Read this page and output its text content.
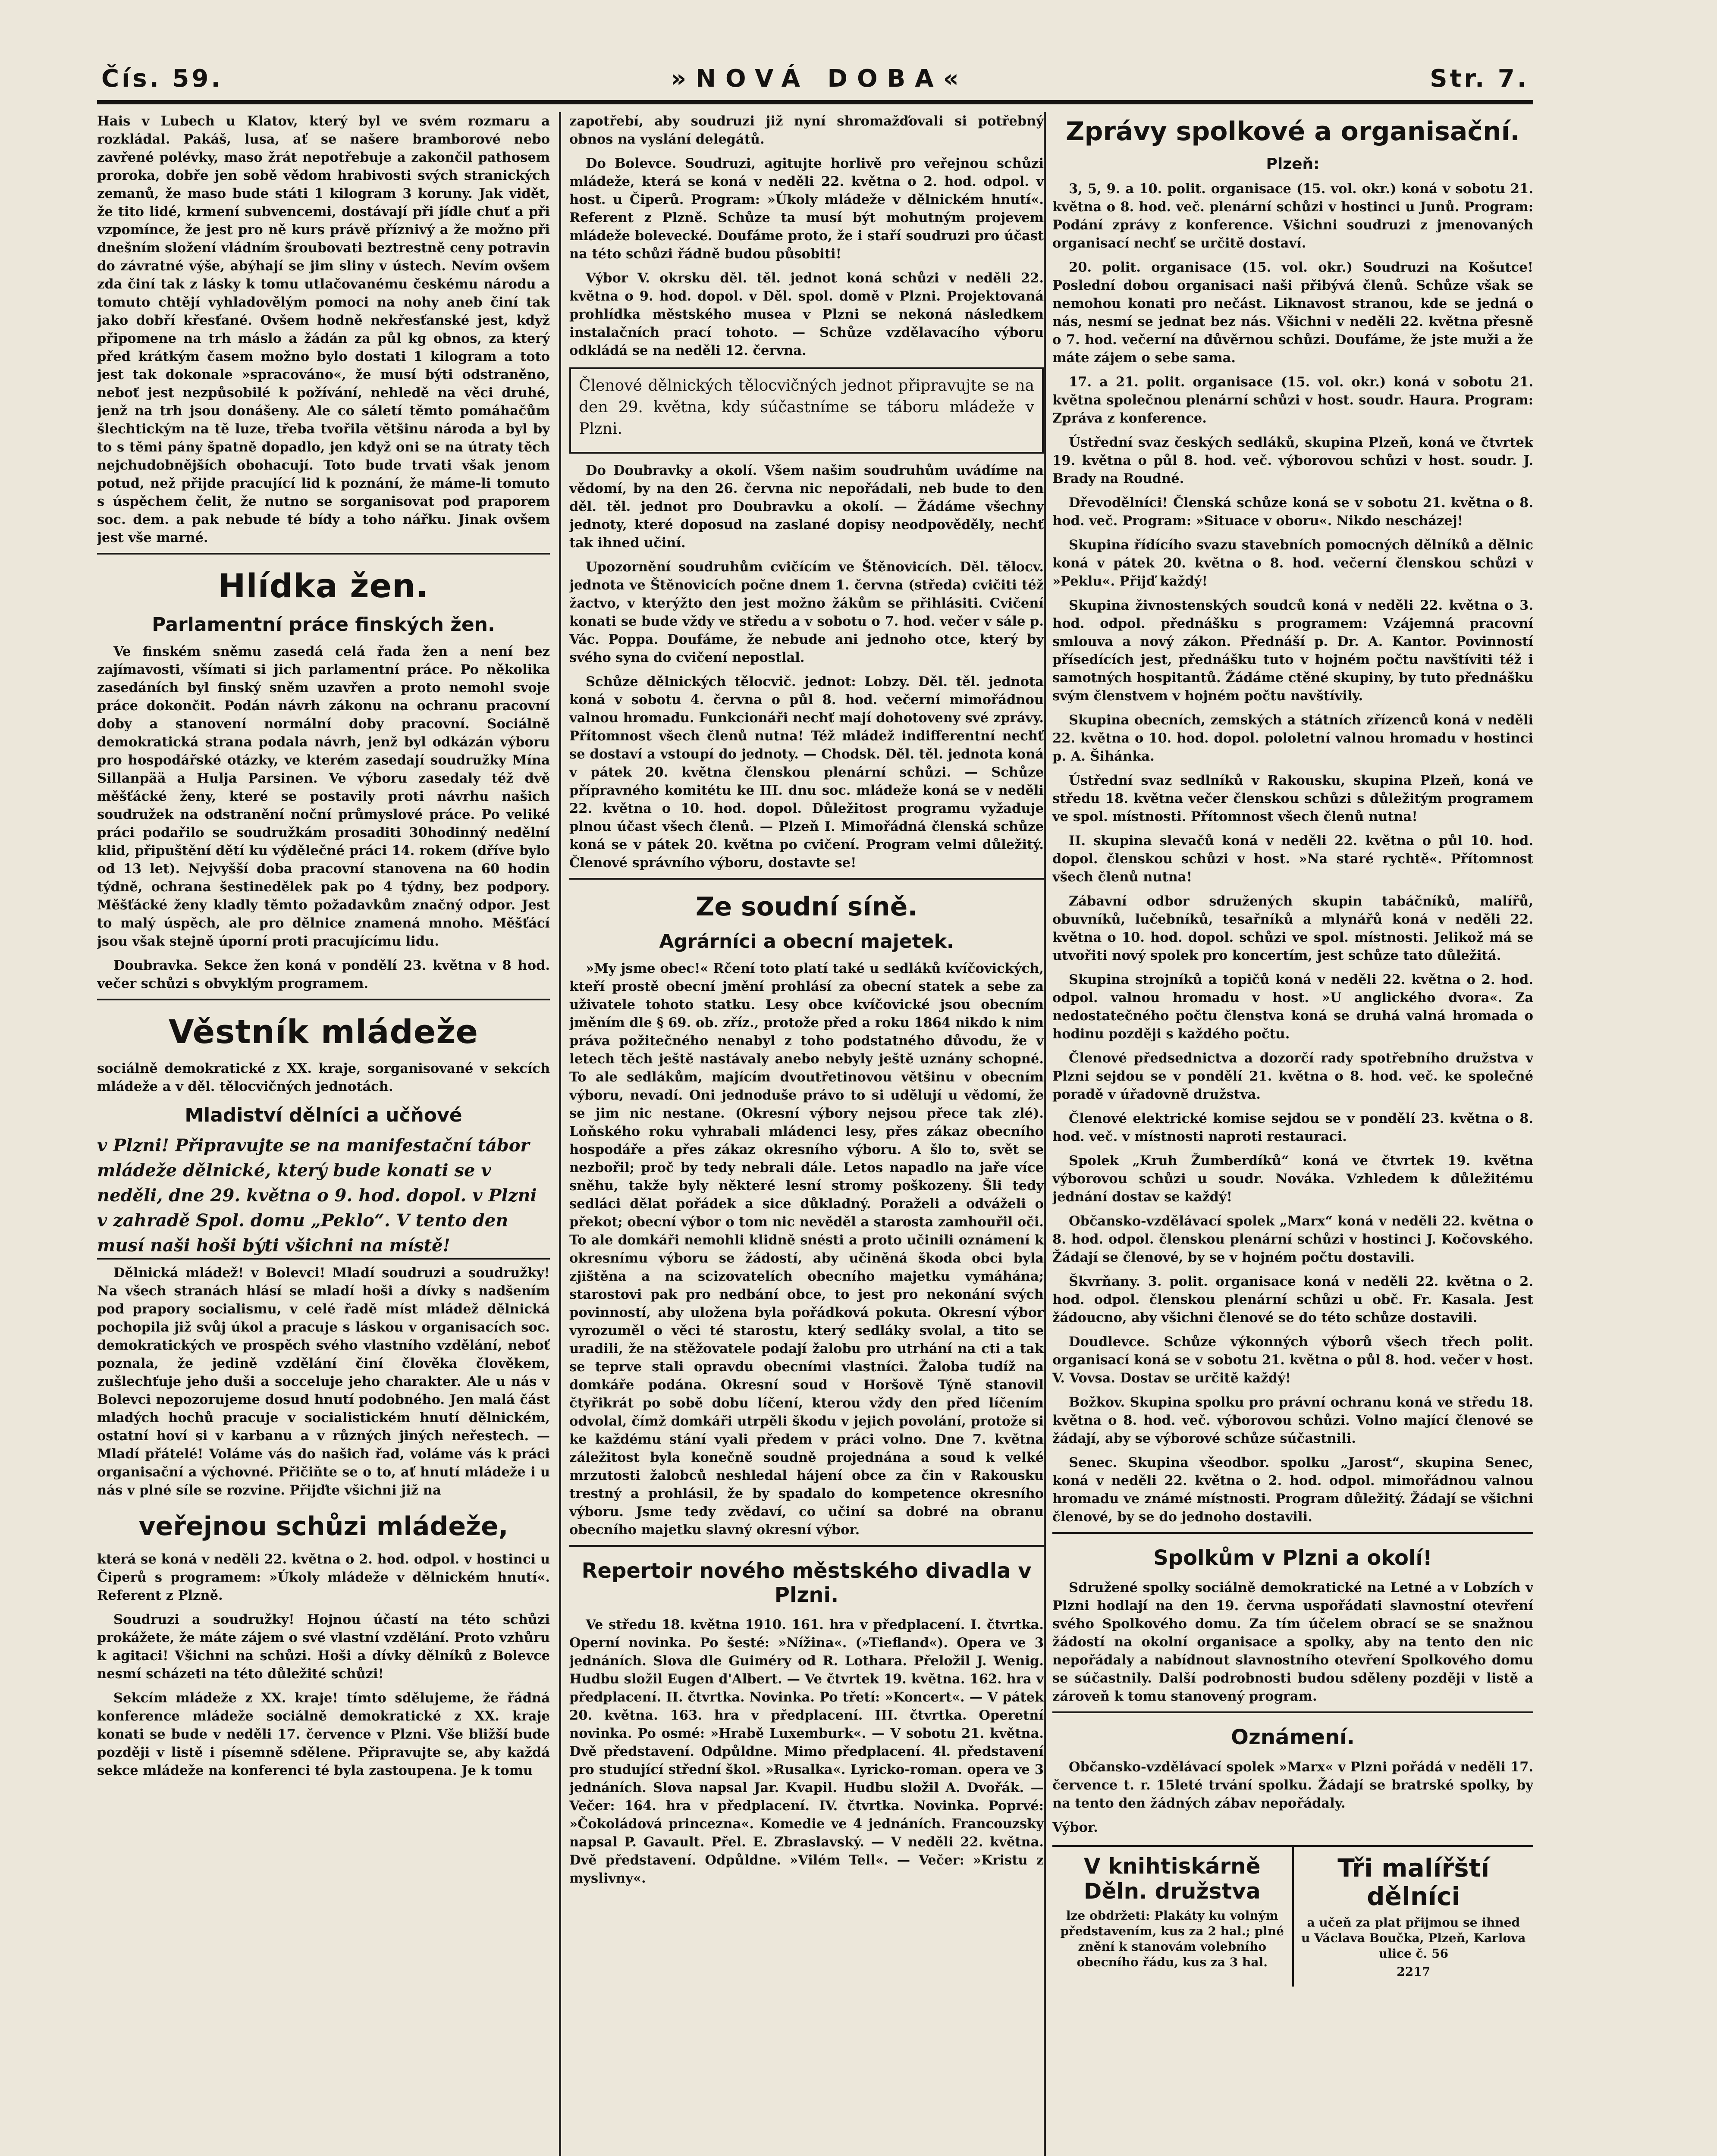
Čís. 59.	»NOVÁ DOBA«	Str. 7.

Hais v Lubech u Klatov, který byl ve svém rozmaru a rozkládal. Pakáš, lusa, ať se našere bramborové nebo zavřené polévky, maso žrát nepotřebuje a zakončil pathosem proroka, dobře jen sobě vědom hrabivosti svých stranických zemanů, že maso bude státi 1 kilogram 3 koruny. Jak vidět, že tito lidé, krmení subvencemi, dostávají při jídle chuť a při vzpomínce, že jest pro ně kurs právě příznivý a že možno při dnešním složení vládním šroubovati beztrestně ceny potravin do závratné výše, abýhají se jim sliny v ústech. Nevím ovšem zda činí tak z lásky k tomu utlačovanému českému národu a tomuto chtějí vyhladovělým pomoci na nohy aneb činí tak jako dobří křesťané. Ovšem hodně nekřesťanské jest, když připomene na trh máslo a žádán za půl kg obnos, za který před krátkým časem možno bylo dostati 1 kilogram a toto jest tak dokonale »spracováno«, že musí býti odstraněno, neboť jest nezpůsobilé k požívání, nehledě na věci druhé, jenž na trh jsou donášeny. Ale co sáletí těmto pomáhačům šlechtickým na tě luze, třeba tvořila většinu národa a byl by to s těmi pány špatně dopadlo, jen když oni se na útraty těch nejchudobnějších obohacují. Toto bude trvati však jenom potud, než přijde pracující lid k poznání, že máme-li tomuto s úspěchem čelit, že nutno se sorganisovat pod praporem soc. dem. a pak nebude té bídy a toho nářku. Jinak ovšem jest vše marné.

Hlídka žen.
Parlamentní práce finských žen.

Ve finském sněmu zasedá celá řada žen a není bez zajímavosti, všímati si jich parlamentní práce. Po několika zasedáních byl finský sněm uzavřen a proto nemohl svoje práce dokončit. Podán návrh zákonu na ochranu pracovní doby a stanovení normální doby pracovní. Sociálně demokratická strana podala návrh, jenž byl odkázán výboru pro hospodářské otázky, ve kterém zasedají soudružky Mína Sillanpää a Hulja Parsinen. Ve výboru zasedaly též dvě měšťácké ženy, které se postavily proti návrhu našich soudružek na odstranění noční průmyslové práce. Po veliké práci podařilo se soudružkám prosaditi 30hodinný nedělní klid, připuštění dětí ku výdělečné práci 14. rokem (dříve bylo od 13 let). Nejvyšší doba pracovní stanovena na 60 hodin týdně, ochrana šestinedělek pak po 4 týdny, bez podpory. Měšťácké ženy kladly těmto požadavkům značný odpor. Jest to malý úspěch, ale pro dělnice znamená mnoho. Měšťácí jsou však stejně úporní proti pracujícímu lidu.

Doubravka. Sekce žen koná v pondělí 23. května v 8 hod. večer schůzi s obvyklým programem.

Věstník mládeže

sociálně demokratické z XX. kraje, sorganisované v sekcích mládeže a v děl. tělocvičných jednotách.

Mladiství dělníci a učňové

v Plzni! Připravujte se na manifestační tábor mládeže dělnické, který bude konati se v neděli, dne 29. května o 9. hod. dopol. v Plzni v zahradě Spol. domu „Peklo“. V tento den musí naši hoši býti všichni na místě!

Dělnická mládež! v Bolevci! Mladí soudruzi a soudružky! Na všech stranách hlásí se mladí hoši a dívky s nadšením pod prapory socialismu, v celé řadě míst mládež dělnická pochopila již svůj úkol a pracuje s láskou v organisacích soc. demokratických ve prospěch svého vlastního vzdělání, neboť poznala, že jedině vzdělání činí člověka člověkem, zušlechťuje jeho duši a socceluje jeho charakter. Ale u nás v Bolevci nepozorujeme dosud hnutí podobného. Jen malá část mladých hochů pracuje v socialistickém hnutí dělnickém, ostatní hoví si v karbanu a v různých jiných neřestech. — Mladí přátelé! Voláme vás do našich řad, voláme vás k práci organisační a výchovné. Přičiňte se o to, ať hnutí mládeže i u nás v plné síle se rozvine. Přijďte všichni již na

veřejnou schůzi mládeže,

která se koná v neděli 22. května o 2. hod. odpol. v hostinci u Čiperů s programem: »Úkoly mládeže v dělnickém hnutí«. Referent z Plzně.

Soudruzi a soudružky! Hojnou účastí na této schůzi prokážete, že máte zájem o své vlastní vzdělání. Proto vzhůru k agitaci! Všichni na schůzi. Hoši a dívky dělníků z Bolevce nesmí scházeti na této důležité schůzi!

Sekcím mládeže z XX. kraje! tímto sdělujeme, že řádná konference mládeže sociálně demokratické z XX. kraje konati se bude v neděli 17. července v Plzni. Vše bližší bude později v listě i písemně sdělene. Připravujte se, aby každá sekce mládeže na konferenci té byla zastoupena. Je k tomu

zapotřebí, aby soudruzi již nyní shromažďovali si potřebný obnos na vyslání delegátů.

Do Bolevce. Soudruzi, agitujte horlivě pro veřejnou schůzi mládeže, která se koná v neděli 22. května o 2. hod. odpol. v host. u Čiperů. Program: »Úkoly mládeže v dělnickém hnutí«. Referent z Plzně. Schůze ta musí být mohutným projevem mládeže bolevecké. Doufáme proto, že i staří soudruzi pro účast na této schůzi řádně budou působiti!

Výbor V. okrsku děl. těl. jednot koná schůzi v neděli 22. května o 9. hod. dopol. v Děl. spol. domě v Plzni. Projektovaná prohlídka městského musea v Plzni se nekoná následkem instalačních prací tohoto. — Schůze vzdělavacího výboru odkládá se na neděli 12. června.

Členové dělnických tělocvičných jednot připravujte se na den 29. května, kdy súčastníme se táboru mládeže v Plzni.

Do Doubravky a okolí. Všem našim soudruhům uvádíme na vědomí, by na den 26. června nic nepořádali, neb bude to den děl. těl. jednot pro Doubravku a okolí. — Žádáme všechny jednoty, které doposud na zaslané dopisy neodpověděly, nechť tak ihned učiní.

Upozornění soudruhům cvičícím ve Štěnovicích. Děl. tělocv. jednota ve Štěnovicích počne dnem 1. června (středa) cvičiti též žactvo, v kterýžto den jest možno žákům se přihlásiti. Cvičení konati se bude vždy ve středu a v sobotu o 7. hod. večer v sále p. Vác. Poppa. Doufáme, že nebude ani jednoho otce, který by svého syna do cvičení nepostlal.

Schůze dělnických tělocvič. jednot: Lobzy. Děl. těl. jednota koná v sobotu 4. června o půl 8. hod. večerní mimořádnou valnou hromadu. Funkcionáři nechť mají dohotoveny své zprávy. Přítomnost všech členů nutna! Též mládež indifferentní nechť se dostaví a vstoupí do jednoty. — Chodsk. Děl. těl. jednota koná v pátek 20. května členskou plenární schůzi. — Schůze přípravného komitétu ke III. dnu soc. mládeže koná se v neděli 22. května o 10. hod. dopol. Důležitost programu vyžaduje plnou účast všech členů. — Plzeň I. Mimořádná členská schůze koná se v pátek 20. května po cvičení. Program velmi důležitý. Členové správního výboru, dostavte se!

Ze soudní síně.
Agrárníci a obecní majetek.

»My jsme obec!« Rčení toto platí také u sedláků kvíčovických, kteří prostě obecní jmění prohlásí za obecní statek a sebe za uživatele tohoto statku. Lesy obce kvíčovické jsou obecním jměním dle § 69. ob. zříz., protože před a roku 1864 nikdo k nim práva požitečného nenabyl z toho podstatného důvodu, že v letech těch ještě nastávaly anebo nebyly ještě uznány schopné. To ale sedlákům, majícím dvoutřetinovou většinu v obecním výboru, nevadí. Oni jednoduše právo to si udělují u vědomí, že se jim nic nestane. (Okresní výbory nejsou přece tak zlé). Loňského roku vyhrabali mládenci lesy, přes zákaz obecního hospodáře a přes zákaz okresního výboru. A šlo to, svět se nezbořil; proč by tedy nebrali dále. Letos napadlo na jaře více sněhu, takže byly některé lesní stromy poškozeny. Šli tedy sedláci dělat pořádek a sice důkladný. Poraželi a odváželi o překot; obecní výbor o tom nic nevěděl a starosta zamhouřil oči. To ale domkáři nemohli klidně snésti a proto učinili oznámení k okresnímu výboru se žádostí, aby učiněná škoda obci byla zjištěna a na scizovatelích obecního majetku vymáhána; starostovi pak pro nedbání obce, to jest pro nekonání svých povinností, aby uložena byla pořádková pokuta. Okresní výbor vyrozuměl o věci té starostu, který sedláky svolal, a tito se uradili, že na stěžovatele podají žalobu pro utrhání na cti a tak se teprve stali opravdu obecními vlastníci. Žaloba tudíž na domkáře podána. Okresní soud v Horšově Týně stanovil čtyřikrát po sobě dobu líčení, kterou vždy den před líčením odvolal, čímž domkáři utrpěli škodu v jejich povolání, protože si ke každému stání vyali předem v práci volno. Dne 7. května záležitost byla konečně soudně projednána a soud k velké mrzutosti žalobců neshledal hájení obce za čin v Rakousku trestný a prohlásil, že by spadalo do kompetence okresního výboru. Jsme tedy zvědaví, co učiní sa dobré na obranu obecního majetku slavný okresní výbor.

Repertoir nového městského divadla v Plzni.

Ve středu 18. května 1910. 161. hra v předplacení. I. čtvrtka. Operní novinka. Po šesté: »Nížina«. (»Tiefland«). Opera ve 3 jednáních. Slova dle Guiméry od R. Lothara. Přeložil J. Wenig. Hudbu složil Eugen d'Albert. — Ve čtvrtek 19. května. 162. hra v předplacení. II. čtvrtka. Novinka. Po třetí: »Koncert«. — V pátek 20. května. 163. hra v předplacení. III. čtvrtka. Operetní novinka. Po osmé: »Hrabě Luxemburk«. — V sobotu 21. května. Dvě představení. Odpůldne. Mimo předplacení. 4l. představení pro studující střední škol. »Rusalka«. Lyricko-roman. opera ve 3 jednáních. Slova napsal Jar. Kvapil. Hudbu složil A. Dvořák. — Večer: 164. hra v předplacení. IV. čtvrtka. Novinka. Poprvé: »Čokoládová princezna«. Komedie ve 4 jednáních. Francouzsky napsal P. Gavault. Přel. E. Zbraslavský. — V neděli 22. května. Dvě představení. Odpůldne. »Vilém Tell«. — Večer: »Kristu z myslivny«.

Zprávy spolkové a organisační.
Plzeň:

3, 5, 9. a 10. polit. organisace (15. vol. okr.) koná v sobotu 21. května o 8. hod. več. plenární schůzi v hostinci u Junů. Program: Podání zprávy z konference. Všichni soudruzi z jmenovaných organisací nechť se určitě dostaví.

20. polit. organisace (15. vol. okr.) Soudruzi na Košutce! Poslední dobou organisaci naši přibývá členů. Schůze však se nemohou konati pro nečást. Liknavost stranou, kde se jedná o nás, nesmí se jednat bez nás. Všichni v neděli 22. května přesně o 7. hod. večerní na důvěrnou schůzi. Doufáme, že jste muži a že máte zájem o sebe sama.

17. a 21. polit. organisace (15. vol. okr.) koná v sobotu 21. května společnou plenární schůzi v host. soudr. Haura. Program: Zpráva z konference.

Ústřední svaz českých sedláků, skupina Plzeň, koná ve čtvrtek 19. května o půl 8. hod. več. výborovou schůzi v host. soudr. J. Brady na Roudné.

Dřevodělníci! Členská schůze koná se v sobotu 21. května o 8. hod. več. Program: »Situace v oboru«. Nikdo nescházej!

Skupina řídícího svazu stavebních pomocných dělníků a dělnic koná v pátek 20. května o 8. hod. večerní členskou schůzi v »Peklu«. Přijď každý!

Skupina živnostenských soudců koná v neděli 22. května o 3. hod. odpol. přednášku s programem: Vzájemná pracovní smlouva a nový zákon. Přednáší p. Dr. A. Kantor. Povinností přísedících jest, přednášku tuto v hojném počtu navštíviti též i samotných hospitantů. Žádáme ctěné skupiny, by tuto přednášku svým členstvem v hojném počtu navštívily.

Skupina obecních, zemských a státních zřízenců koná v neděli 22. května o 10. hod. dopol. pololetní valnou hromadu v hostinci p. A. Šihánka.

Ústřední svaz sedlníků v Rakousku, skupina Plzeň, koná ve středu 18. května večer členskou schůzi s důležitým programem ve spol. místnosti. Přítomnost všech členů nutna!

II. skupina slevačů koná v neděli 22. května o půl 10. hod. dopol. členskou schůzi v host. »Na staré rychtě«. Přítomnost všech členů nutna!

Zábavní odbor sdružených skupin tabáčníků, malířů, obuvníků, lučebníků, tesařníků a mlynářů koná v neděli 22. května o 10. hod. dopol. schůzi ve spol. místnosti. Jelikož má se utvořiti nový spolek pro koncertím, jest schůze tato důležitá.

Skupina strojníků a topičů koná v neděli 22. května o 2. hod. odpol. valnou hromadu v host. »U anglického dvora«. Za nedostatečného počtu členstva koná se druhá valná hromada o hodinu později s každého počtu.

Členové předsednictva a dozorčí rady spotřebního družstva v Plzni sejdou se v pondělí 21. května o 8. hod. več. ke společné poradě v úřadovně družstva.

Členové elektrické komise sejdou se v pondělí 23. května o 8. hod. več. v místnosti naproti restauraci.

Spolek „Kruh Žumberdíků“ koná ve čtvrtek 19. května výborovou schůzi u soudr. Nováka. Vzhledem k důležitému jednání dostav se každý!

Občansko-vzdělávací spolek „Marx“ koná v neděli 22. května o 8. hod. odpol. členskou plenární schůzi v hostinci J. Kočovského. Žádají se členové, by se v hojném počtu dostavili.

Škvrňany. 3. polit. organisace koná v neděli 22. května o 2. hod. odpol. členskou plenární schůzi u obč. Fr. Kasala. Jest žádoucno, aby všichni členové se do této schůze dostavili.

Doudlevce. Schůze výkonných výborů všech třech polit. organisací koná se v sobotu 21. května o půl 8. hod. večer v host. V. Vovsa. Dostav se určitě každý!

Božkov. Skupina spolku pro právní ochranu koná ve středu 18. května o 8. hod. več. výborovou schůzi. Volno mající členové se žádají, aby se výborové schůze súčastnili.

Senec. Skupina všeodbor. spolku „Jarost“, skupina Senec, koná v neděli 22. května o 2. hod. odpol. mimořádnou valnou hromadu ve známé místnosti. Program důležitý. Žádají se všichni členové, by se do jednoho dostavili.

Spolkům v Plzni a okolí!

Sdružené spolky sociálně demokratické na Letné a v Lobzích v Plzni hodlají na den 19. června uspořádati slavnostní otevření svého Spolkového domu. Za tím účelem obrací se se snažnou žádostí na okolní organisace a spolky, aby na tento den nic nepořádaly a nabídnout slavnostního otevření Spolkového domu se súčastnily. Další podrobnosti budou sděleny později v listě a zároveň k tomu stanovený program.

Oznámení.

Občansko-vzdělávací spolek »Marx« v Plzni pořádá v neděli 17. července t. r. 15leté trvání spolku. Žádají se bratrské spolky, by na tento den žádných zábav nepořádaly.

Výbor.

V knihtiskárně Děln. družstva
lze obdržeti: Plakáty ku volným představením, kus za 2 hal.; plné znění k stanovám volebního obecního řádu, kus za 3 hal.
Tři malířští dělníci
a učeň za plat přijmou se ihned u Václava Boučka, Plzeň, Karlova ulice č. 56
2217
